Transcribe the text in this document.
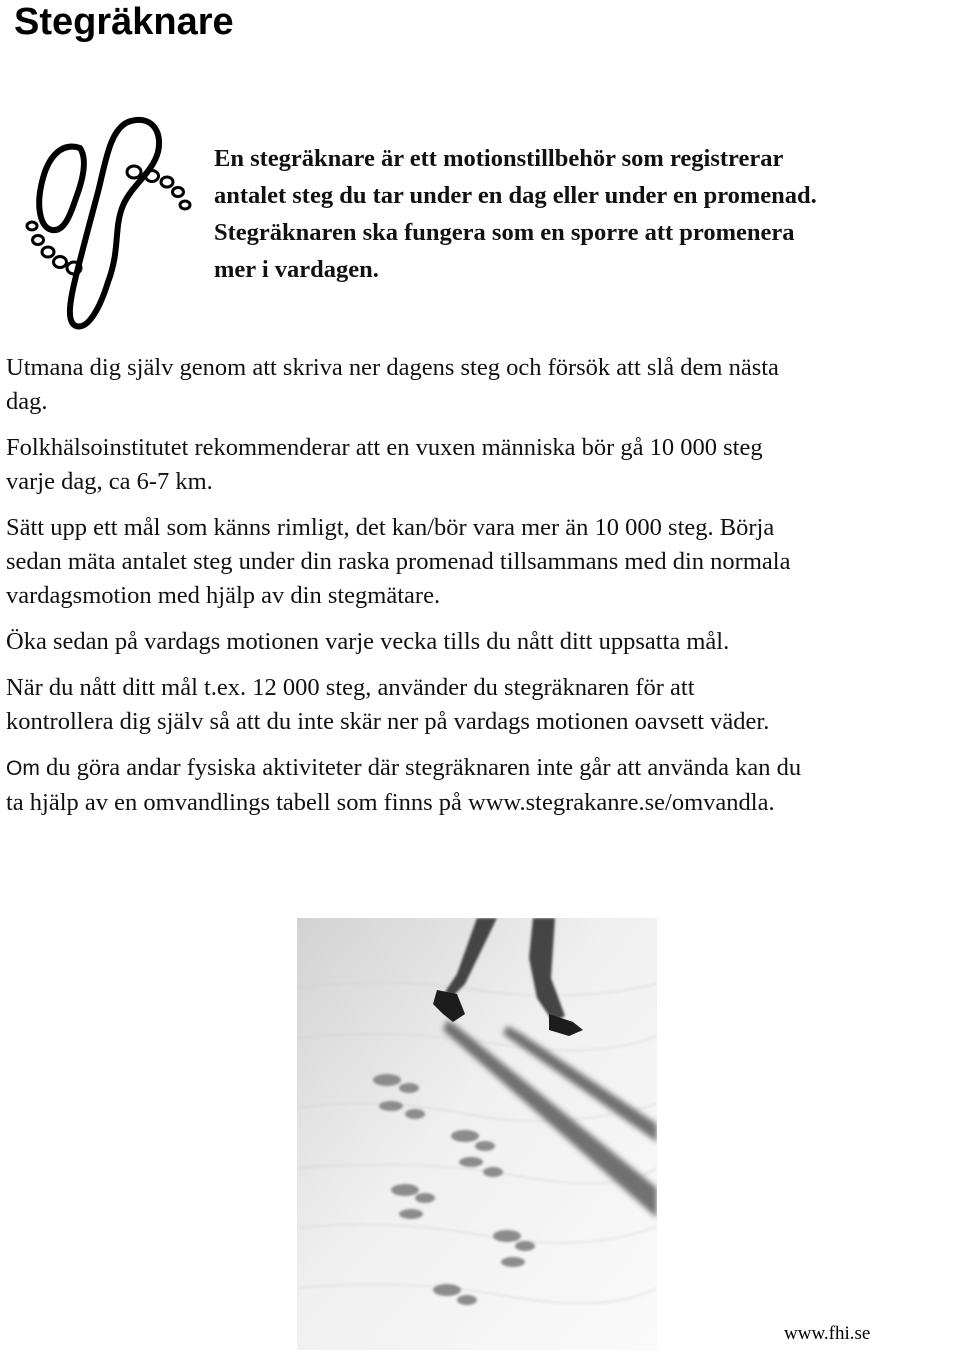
Stegräknare
En stegräknare är ett motionstillbehör som registrerar
antalet steg du tar under en dag eller under en promenad.
Stegräknaren ska fungera som en sporre att promenera
mer i vardagen.

Utmana dig själv genom att skriva ner dagens steg och försök att slå dem nästa
dag.

Folkhälsoinstitutet rekommenderar att en vuxen människa bör gå 10 000 steg
varje dag, ca 6-7 km.

Sätt upp ett mål som känns rimligt, det kan/bör vara mer än 10 000 steg. Börja
sedan mäta antalet steg under din raska promenad tillsammans med din normala
vardagsmotion med hjälp av din stegmätare.

Öka sedan på vardags motionen varje vecka tills du nått ditt uppsatta mål.

När du nått ditt mål t.ex. 12 000 steg, använder du stegräknaren för att
kontrollera dig själv så att du inte skär ner på vardags motionen oavsett väder.

Om du göra andar fysiska aktiviteter där stegräknaren inte går att använda kan du
ta hjälp av en omvandlings tabell som finns på www.stegrakanre.se/omvandla.

www.fhi.se
